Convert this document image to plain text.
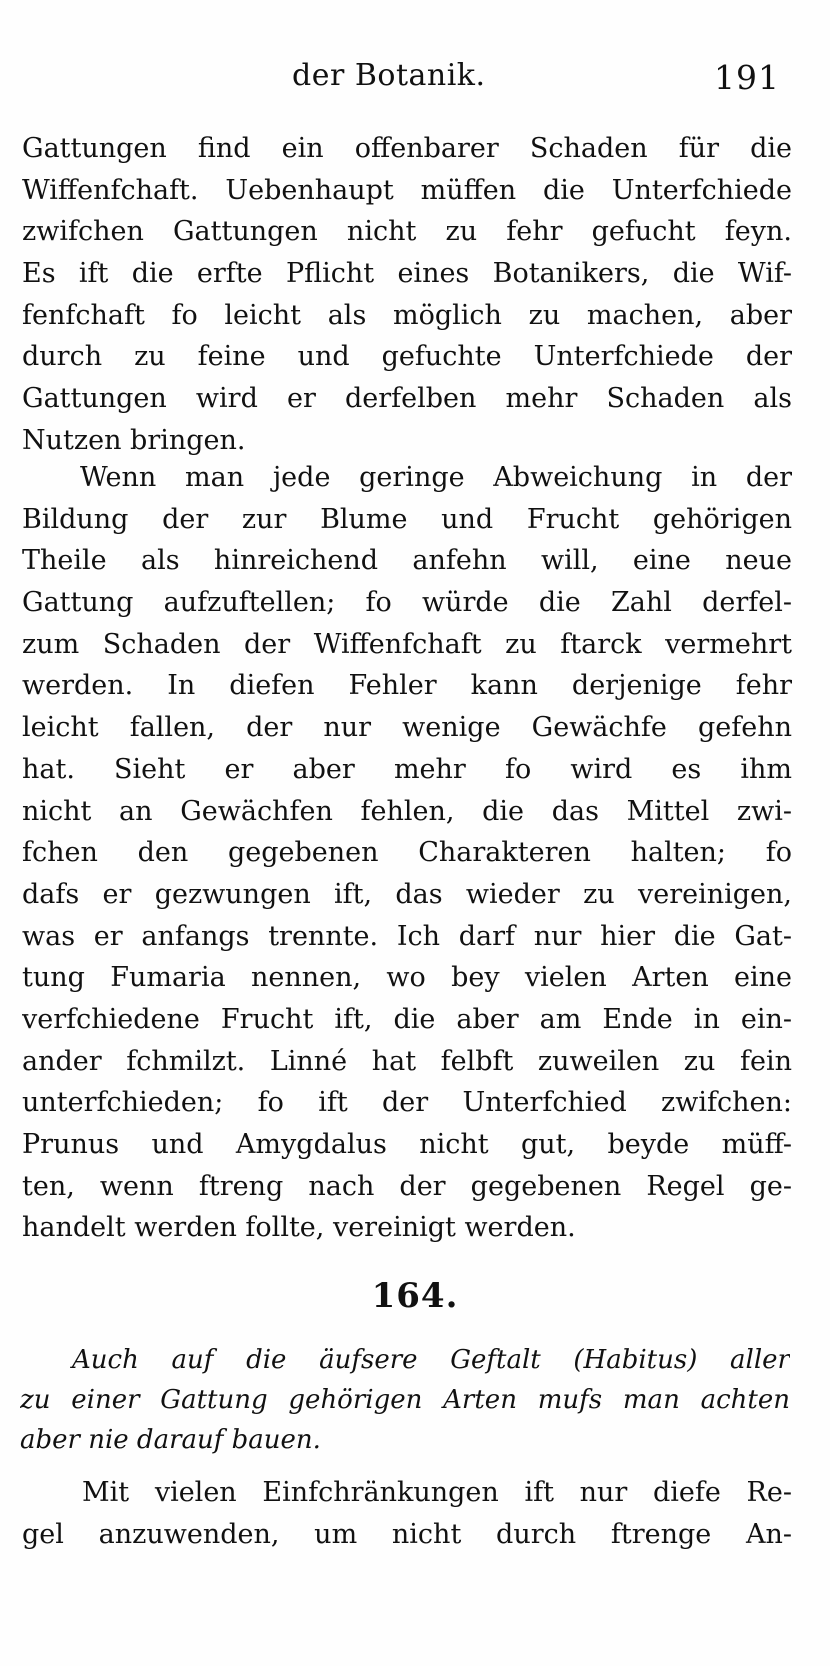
der Botanik.	191
Gattungen find ein offenbarer Schaden für die
Wiffenfchaft. Uebenhaupt müffen die Unterfchiede
zwifchen Gattungen nicht zu fehr gefucht feyn.
Es ift die erfte Pflicht eines Botanikers, die Wif-
fenfchaft fo leicht als möglich zu machen, aber
durch zu feine und gefuchte Unterfchiede der
Gattungen wird er derfelben mehr Schaden als
Nutzen bringen.
Wenn man jede geringe Abweichung in der
Bildung der zur Blume und Frucht gehörigen
Theile als hinreichend anfehn will, eine neue
Gattung aufzuftellen; fo würde die Zahl derfel-
zum Schaden der Wiffenfchaft zu ftarck vermehrt
werden. In diefen Fehler kann derjenige fehr
leicht fallen, der nur wenige Gewächfe gefehn
hat. Sieht er aber mehr fo wird es ihm
nicht an Gewächfen fehlen, die das Mittel zwi-
fchen den gegebenen Charakteren halten; fo
dafs er gezwungen ift, das wieder zu vereinigen,
was er anfangs trennte. Ich darf nur hier die Gat-
tung Fumaria nennen, wo bey vielen Arten eine
verfchiedene Frucht ift, die aber am Ende in ein-
ander fchmilzt. Linné hat felbft zuweilen zu fein
unterfchieden; fo ift der Unterfchied zwifchen:
Prunus und Amygdalus nicht gut, beyde müff-
ten, wenn ftreng nach der gegebenen Regel ge-
handelt werden follte, vereinigt werden.
164.
Auch auf die äufsere Geftalt (Habitus) aller
zu einer Gattung gehörigen Arten mufs man achten
aber nie darauf bauen.
Mit vielen Einfchränkungen ift nur diefe Re-
gel anzuwenden, um nicht durch ftrenge An-
